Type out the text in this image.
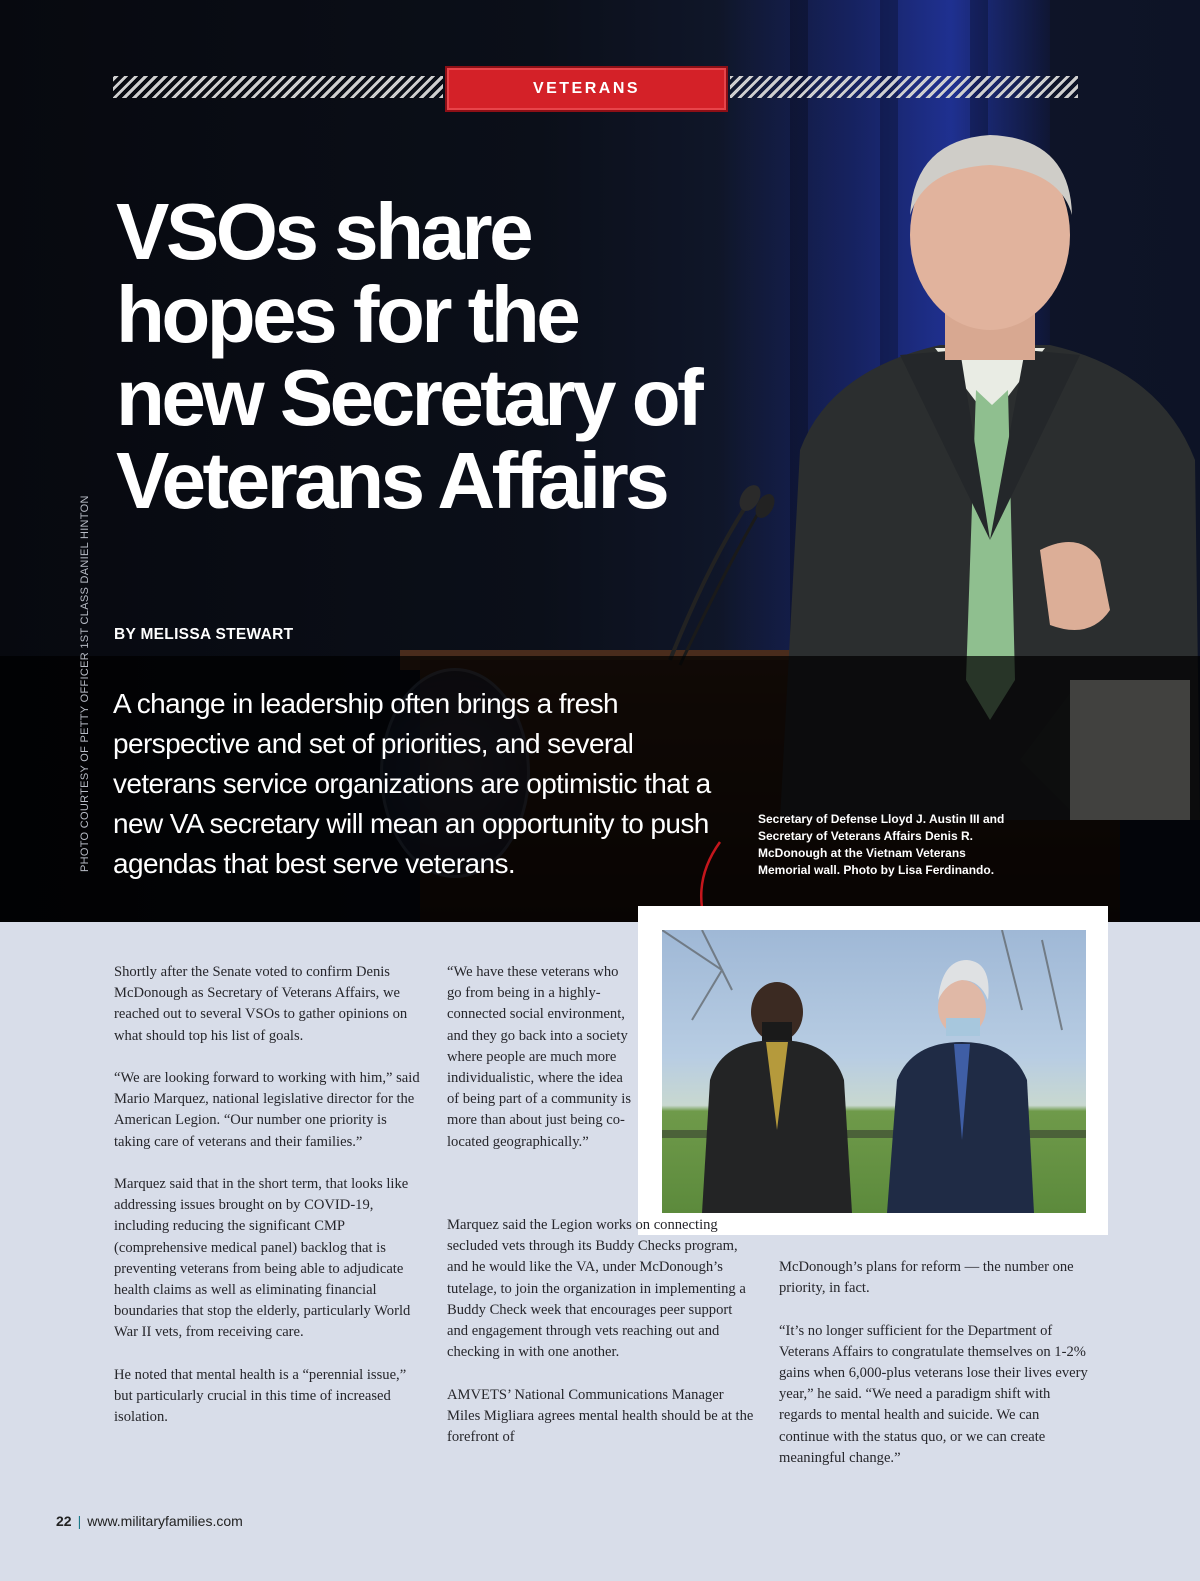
VETERANS
VSOs share hopes for the new Secretary of Veterans Affairs
BY MELISSA STEWART
A change in leadership often brings a fresh perspective and set of priorities, and several veterans service organizations are optimistic that a new VA secretary will mean an opportunity to push agendas that best serve veterans.
Secretary of Defense Lloyd J. Austin III and Secretary of Veterans Affairs Denis R. McDonough at the Vietnam Veterans Memorial wall. Photo by Lisa Ferdinando.
PHOTO COURTESY OF PETTY OFFICER 1ST CLASS DANIEL HINTON

Shortly after the Senate voted to confirm Denis McDonough as Secretary of Veterans Affairs, we reached out to several VSOs to gather opinions on what should top his list of goals.

“We are looking forward to working with him,” said Mario Marquez, national legislative director for the American Legion. “Our number one priority is taking care of veterans and their families.”

Marquez said that in the short term, that looks like addressing issues brought on by COVID-19, including reducing the significant CMP (comprehensive medical panel) backlog that is preventing veterans from being able to adjudicate health claims as well as eliminating financial boundaries that stop the elderly, particularly World War II vets, from receiving care.

He noted that mental health is a “perennial issue,” but particularly crucial in this time of increased isolation.

“We have these veterans who go from being in a highly-connected social environment, and they go back into a society where people are much more individualistic, where the idea of being part of a community is more than about just being co-located geographically.”

Marquez said the Legion works on connecting secluded vets through its Buddy Checks program, and he would like the VA, under McDonough’s tutelage, to join the organization in implementing a Buddy Check week that encourages peer support and engagement through vets reaching out and checking in with one another.

AMVETS’ National Communications Manager Miles Migliara agrees mental health should be at the forefront of

McDonough’s plans for reform — the number one priority, in fact.

“It’s no longer sufficient for the Department of Veterans Affairs to congratulate themselves on 1-2% gains when 6,000-plus veterans lose their lives every year,” he said. “We need a paradigm shift with regards to mental health and suicide. We can continue with the status quo, or we can create meaningful change.”

22 | www.militaryfamilies.com
